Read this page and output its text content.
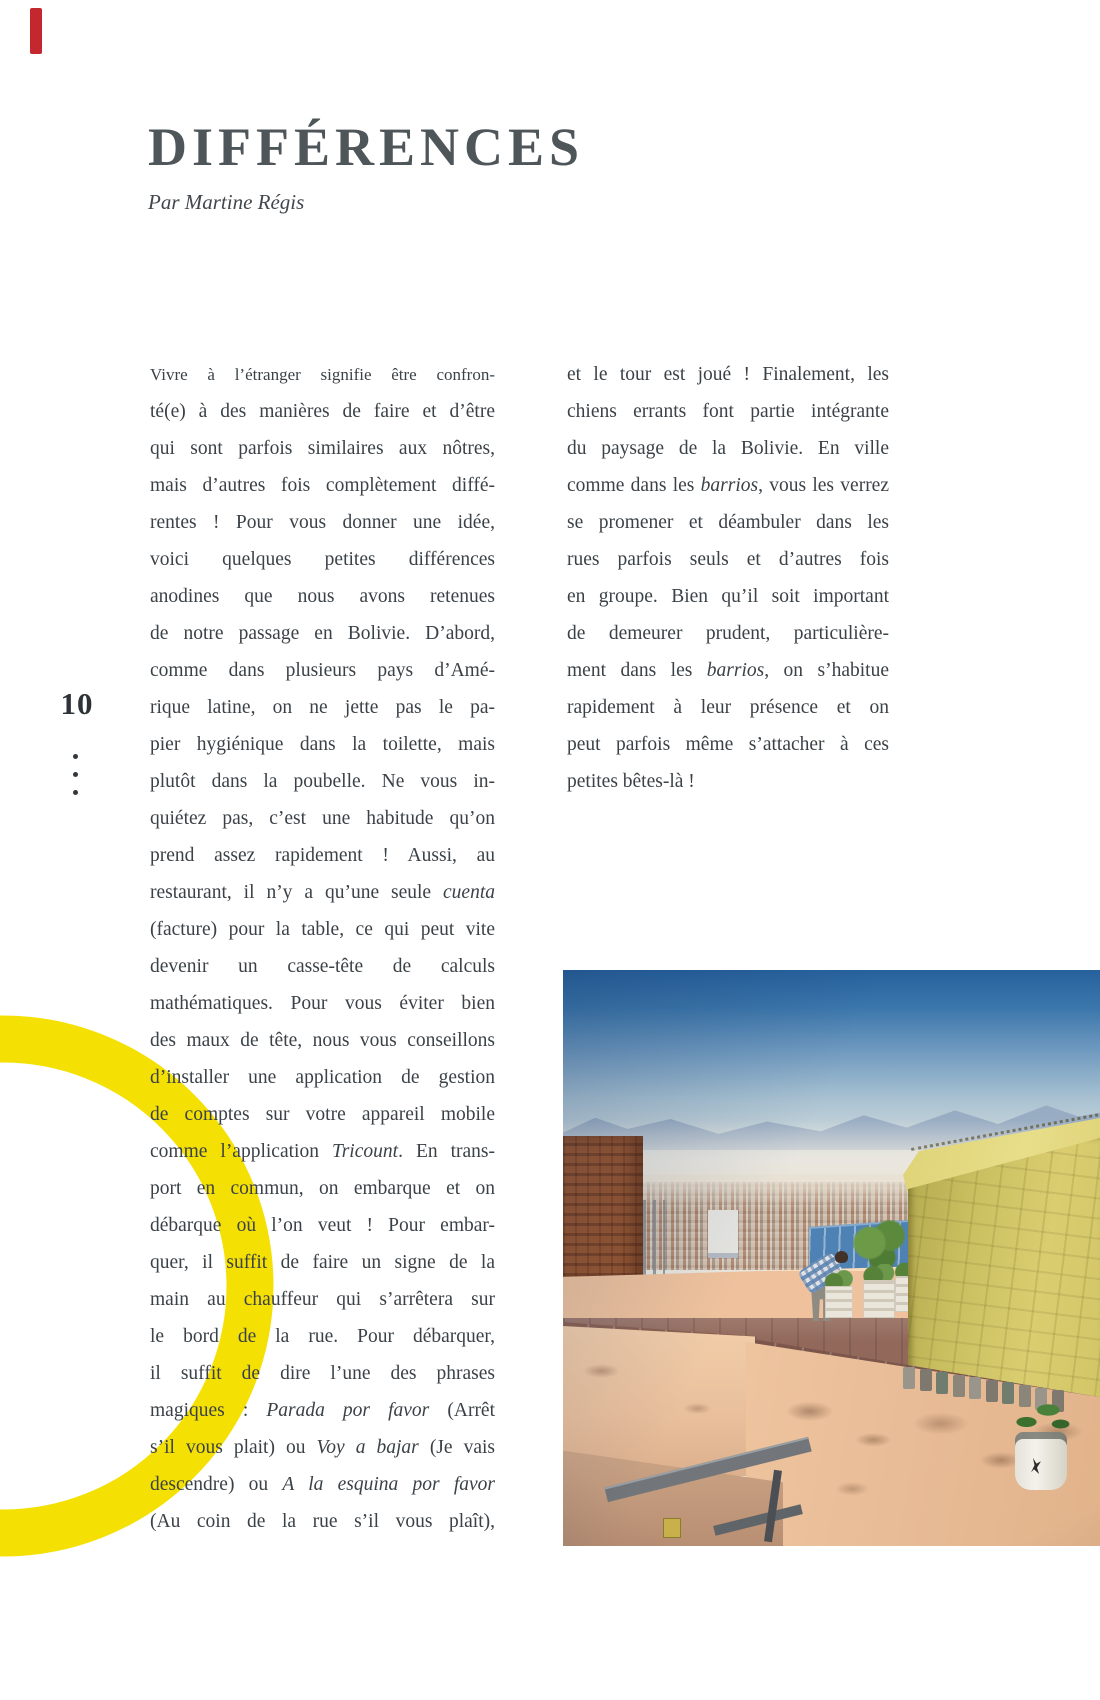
DIFFÉRENCES
Par Martine Régis
10
Vivre à l’étranger signifie être confron-
té(e) à des manières de faire et d’être
qui sont parfois similaires aux nôtres,
mais d’autres fois complètement diffé-
rentes ! Pour vous donner une idée,
voici quelques petites différences
anodines que nous avons retenues
de notre passage en Bolivie. D’abord,
comme dans plusieurs pays d’Amé-
rique latine, on ne jette pas le pa-
pier hygiénique dans la toilette, mais
plutôt dans la poubelle. Ne vous in-
quiétez pas, c’est une habitude qu’on
prend assez rapidement ! Aussi, au
restaurant, il n’y a qu’une seule cuenta
(facture) pour la table, ce qui peut vite
devenir un casse-tête de calculs
mathématiques. Pour vous éviter bien
des maux de tête, nous vous conseillons
d’installer une application de gestion
de comptes sur votre appareil mobile
comme l’application Tricount. En trans-
port en commun, on embarque et on
débarque où l’on veut ! Pour embar-
quer, il suffit de faire un signe de la
main au chauffeur qui s’arrêtera sur
le bord de la rue. Pour débarquer,
il suffit de dire l’une des phrases
magiques : Parada por favor (Arrêt
s’il vous plait) ou Voy a bajar (Je vais
descendre) ou A la esquina por favor
(Au coin de la rue s’il vous plaît),
et le tour est joué ! Finalement, les
chiens errants font partie intégrante
du paysage de la Bolivie. En ville
comme dans les barrios, vous les verrez
se promener et déambuler dans les
rues parfois seuls et d’autres fois
en groupe. Bien qu’il soit important
de demeurer prudent, particulière-
ment dans les barrios, on s’habitue
rapidement à leur présence et on
peut parfois même s’attacher à ces
petites bêtes-là !
